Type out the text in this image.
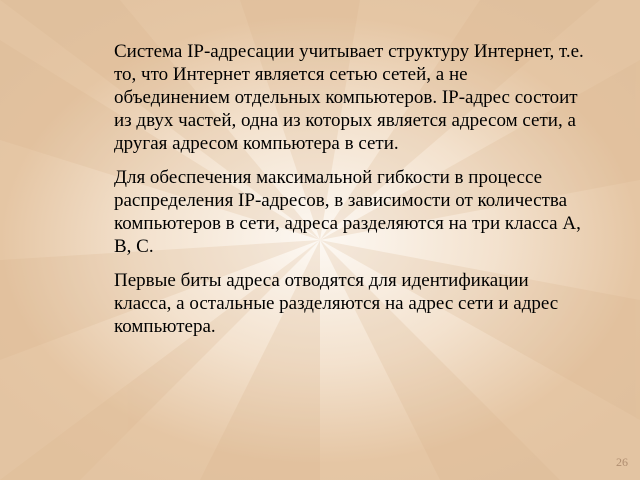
Система IP-адресации учитывает структуру Интернет, т.е. то, что Интернет является сетью сетей, а не объединением отдельных компьютеров. IP-адрес состоит из двух частей, одна из которых является адресом сети, а другая адресом компьютера в сети.

Для обеспечения максимальной гибкости в процессе распределения IP-адресов, в зависимости от количества компьютеров в сети, адреса разделяются на три класса A, B, C.

Первые биты адреса отводятся для идентификации класса, а остальные разделяются на адрес сети и адрес компьютера.

26
